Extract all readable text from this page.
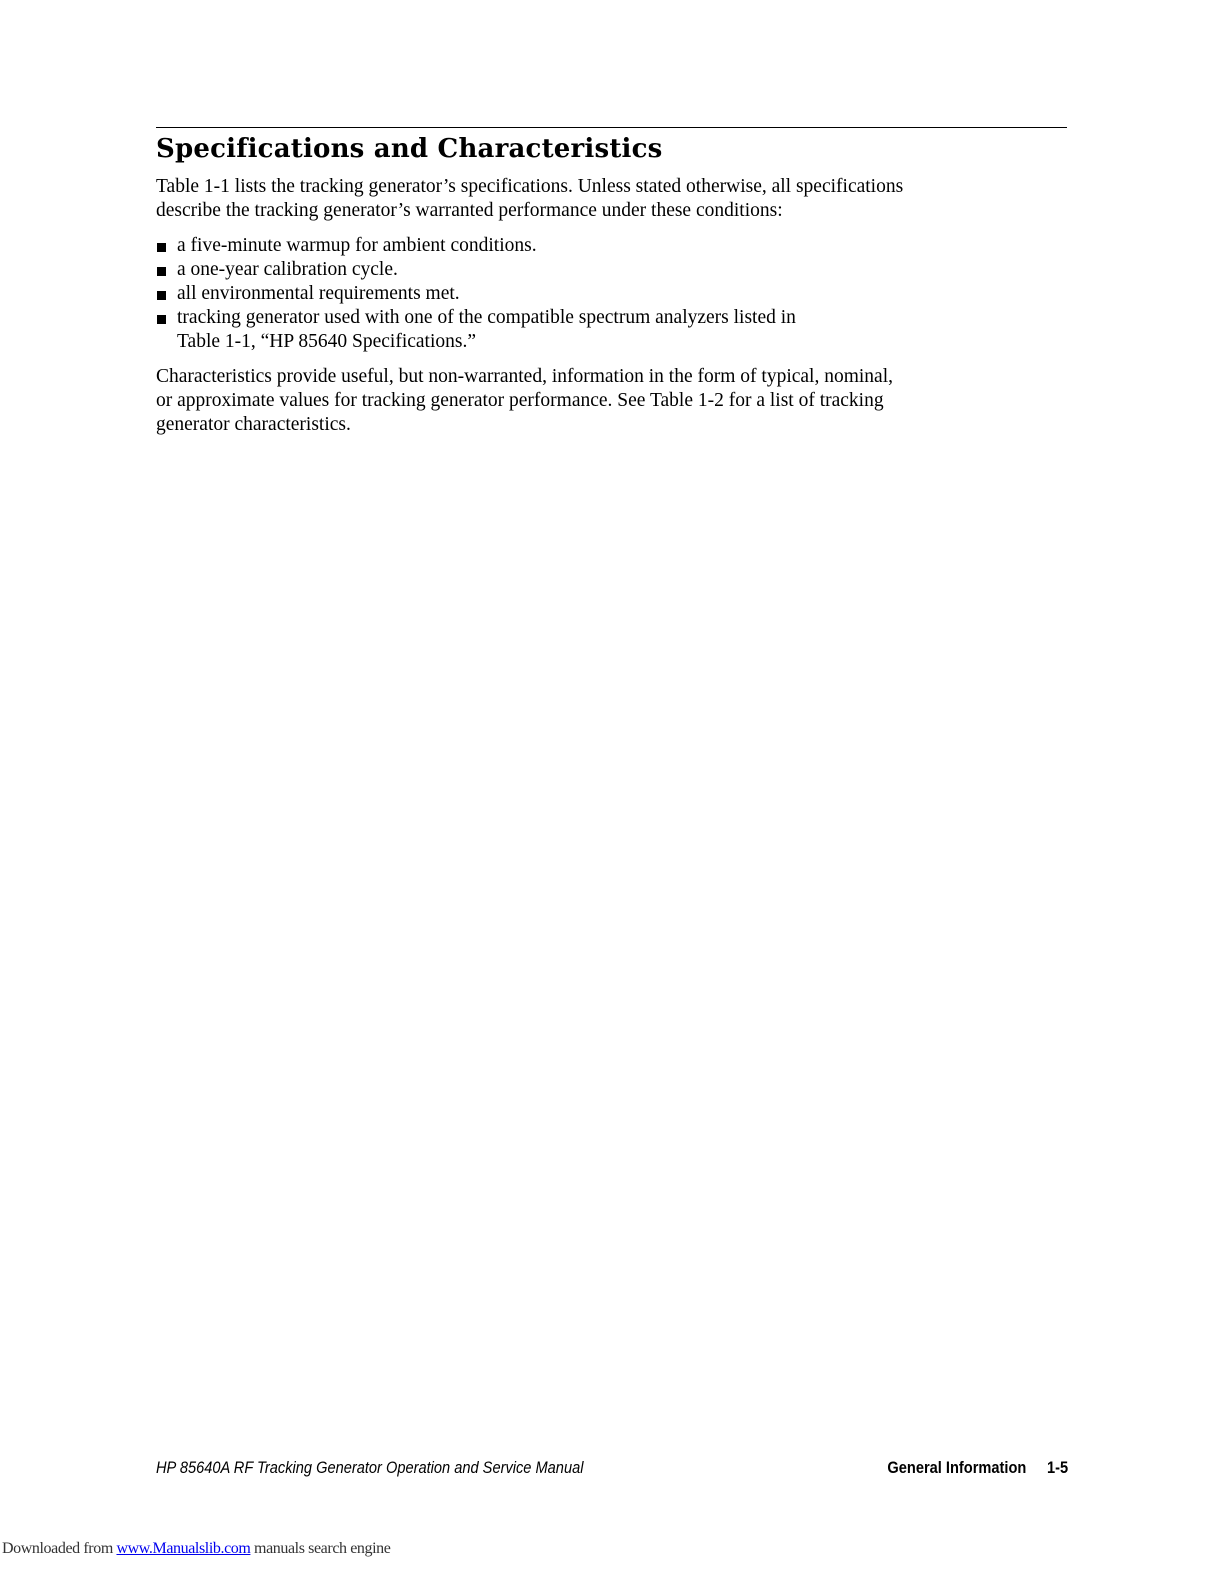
Specifications and Characteristics

Table 1-1 lists the tracking generator’s specifications. Unless stated otherwise, all specifications
describe the tracking generator’s warranted performance under these conditions:

a five-minute warmup for ambient conditions.
a one-year calibration cycle.
all environmental requirements met.
tracking generator used with one of the compatible spectrum analyzers listed in
Table 1-1, “HP 85640 Specifications.”

Characteristics provide useful, but non-warranted, information in the form of typical, nominal,
or approximate values for tracking generator performance. See Table 1-2 for a list of tracking
generator characteristics.

HP 85640A RF Tracking Generator Operation and Service Manual	General Information 1-5
Downloaded from www.Manualslib.com manuals search engine
